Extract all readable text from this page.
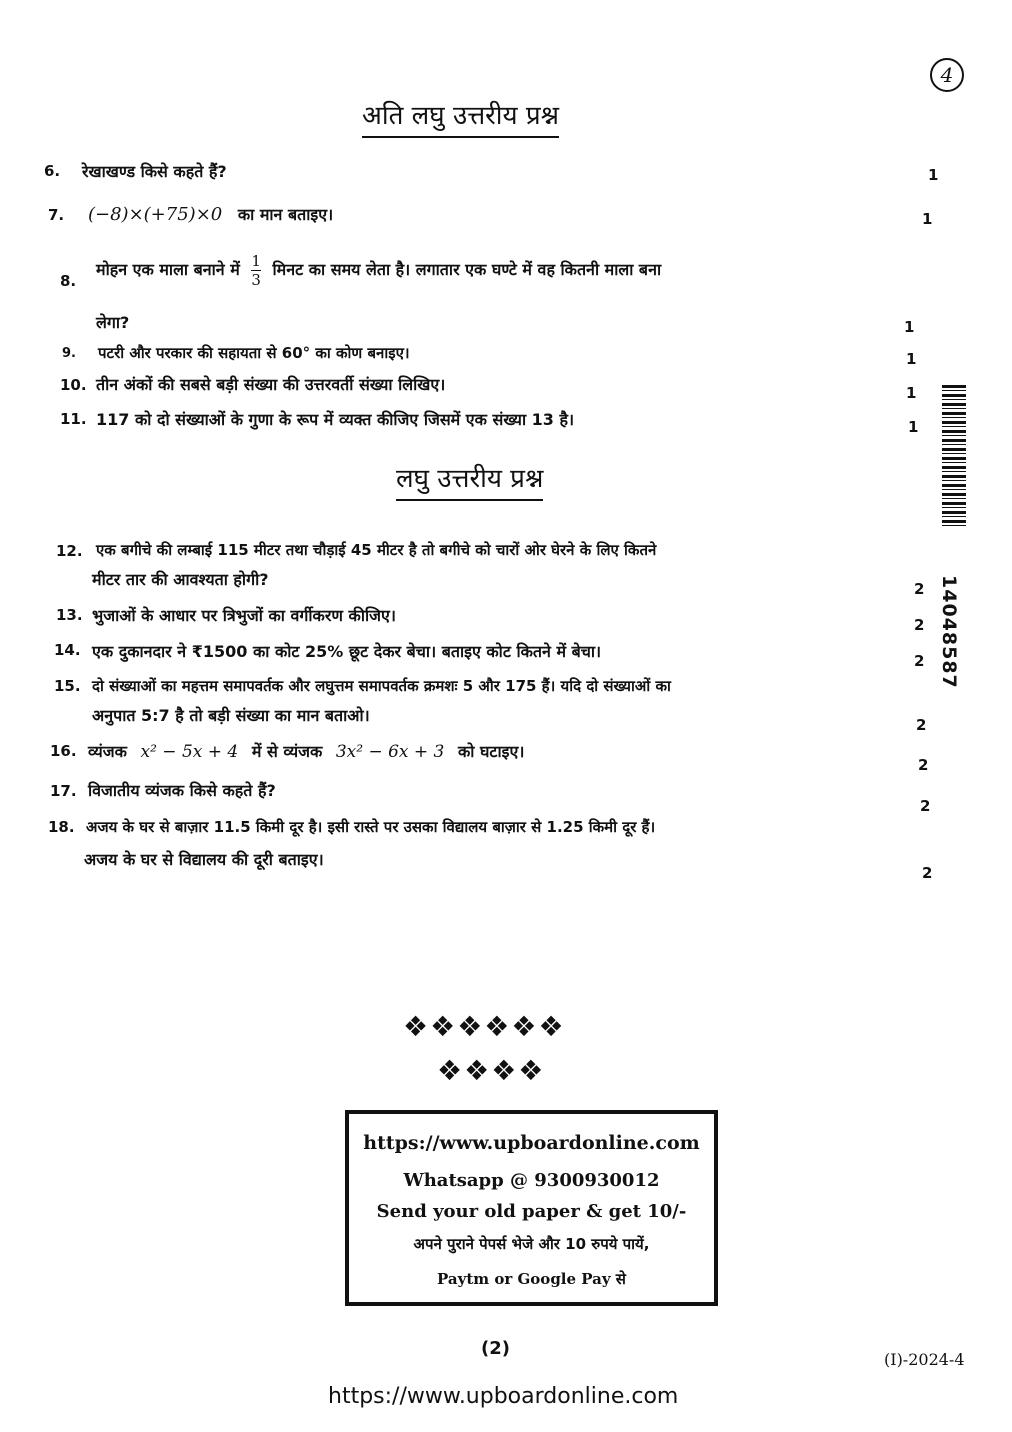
4
अति लघु उत्तरीय प्रश्न
6. रेखाखण्ड किसे कहते हैं?	1
7. (−8)×(+75)×0 का मान बताइए।	1
8.
मोहन एक माला बनाने में $\frac{1}{3}$ मिनट का समय लेता है। लगातार एक घण्टे में वह कितनी माला बना
लेगा?	1
9. पटरी और परकार की सहायता से 60° का कोण बनाइए।	1
10. तीन अंकों की सबसे बड़ी संख्या की उत्तरवर्ती संख्या लिखिए।	1
11. 117 को दो संख्याओं के गुणा के रूप में व्यक्त कीजिए जिसमें एक संख्या 13 है।	1
लघु उत्तरीय प्रश्न
14048587
12. एक बगीचे की लम्बाई 115 मीटर तथा चौड़ाई 45 मीटर है तो बगीचे को चारों ओर घेरने के लिए कितने
मीटर तार की आवश्यता होगी?	2
13. भुजाओं के आधार पर त्रिभुजों का वर्गीकरण कीजिए।	2
14. एक दुकानदार ने ₹1500 का कोट 25% छूट देकर बेचा। बताइए कोट कितने में बेचा।	2
15. दो संख्याओं का महत्तम समापवर्तक और लघुत्तम समापवर्तक क्रमशः 5 और 175 हैं। यदि दो संख्याओं का
अनुपात 5:7 है तो बड़ी संख्या का मान बताओ।	2
16. व्यंजक x² − 5x + 4 में से व्यंजक 3x² − 6x + 3 को घटाइए।
2
17. विजातीय व्यंजक किसे कहते हैं?
2
18. अजय के घर से बाज़ार 11.5 किमी दूर है। इसी रास्ते पर उसका विद्यालय बाज़ार से 1.25 किमी दूर हैं।
अजय के घर से विद्यालय की दूरी बताइए।
2
❖❖❖❖❖❖
❖❖❖❖
https://www.upboardonline.com
Whatsapp @ 9300930012
Send your old paper & get 10/-
अपने पुराने पेपर्स भेजे और 10 रुपये पायें,
Paytm or Google Pay से
(2)
(I)-2024-4
https://www.upboardonline.com
